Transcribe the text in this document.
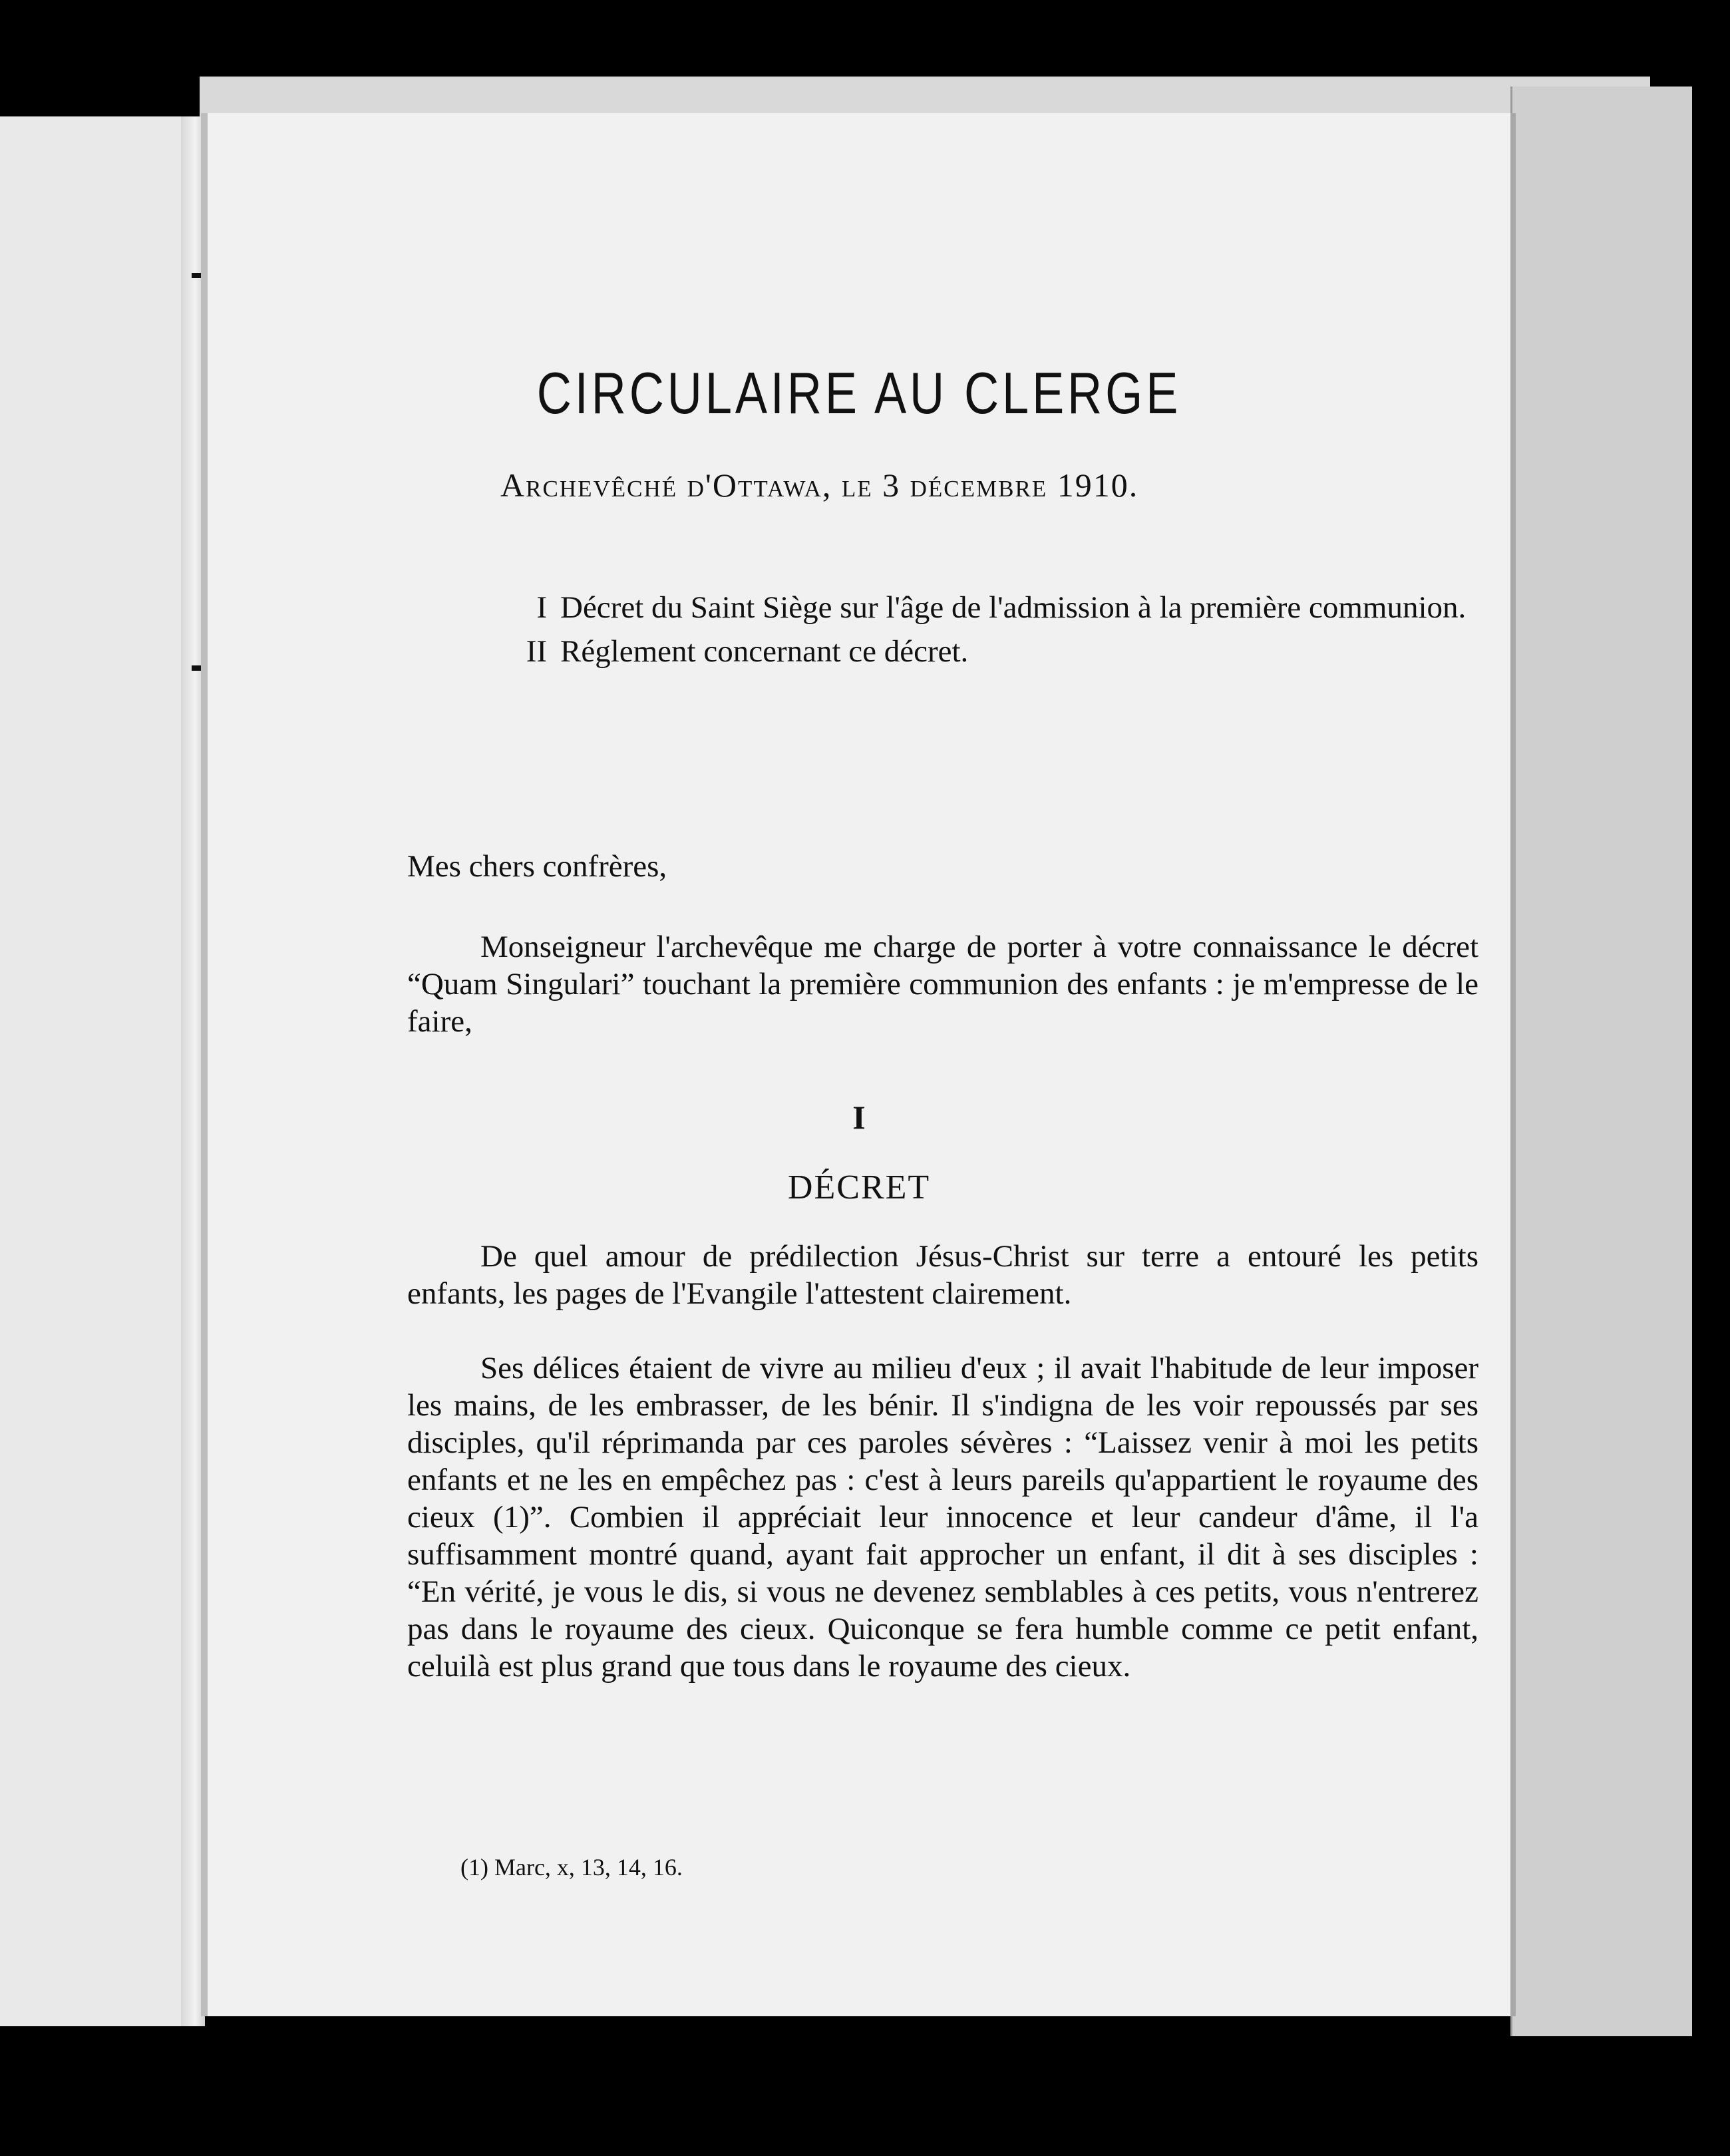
CIRCULAIRE AU CLERGE
Archevêché d'Ottawa, le 3 décembre 1910.
I Décret du Saint Siège sur l'âge de l'admission à la première communion.
II Réglement concernant ce décret.
Mes chers confrères,
Monseigneur l'archevêque me charge de porter à votre connaissance le décret “Quam Singulari” touchant la première communion des enfants : je m'empresse de le faire,
I
DÉCRET
De quel amour de prédilection Jésus-Christ sur terre a entouré les petits enfants, les pages de l'Evangile l'attestent clairement.
Ses délices étaient de vivre au milieu d'eux ; il avait l'habitude de leur imposer les mains, de les embrasser, de les bénir. Il s'indigna de les voir repoussés par ses disciples, qu'il réprimanda par ces paroles sévères : “Laissez venir à moi les petits enfants et ne les en empêchez pas : c'est à leurs pareils qu'appartient le royaume des cieux (1)”. Combien il appréciait leur innocence et leur candeur d'âme, il l'a suffisamment montré quand, ayant fait approcher un enfant, il dit à ses disciples : “En vérité, je vous le dis, si vous ne devenez semblables à ces petits, vous n'entrerez pas dans le royaume des cieux. Quiconque se fera humble comme ce petit enfant, celuilà est plus grand que tous dans le royaume des cieux.
(1) Marc, x, 13, 14, 16.
